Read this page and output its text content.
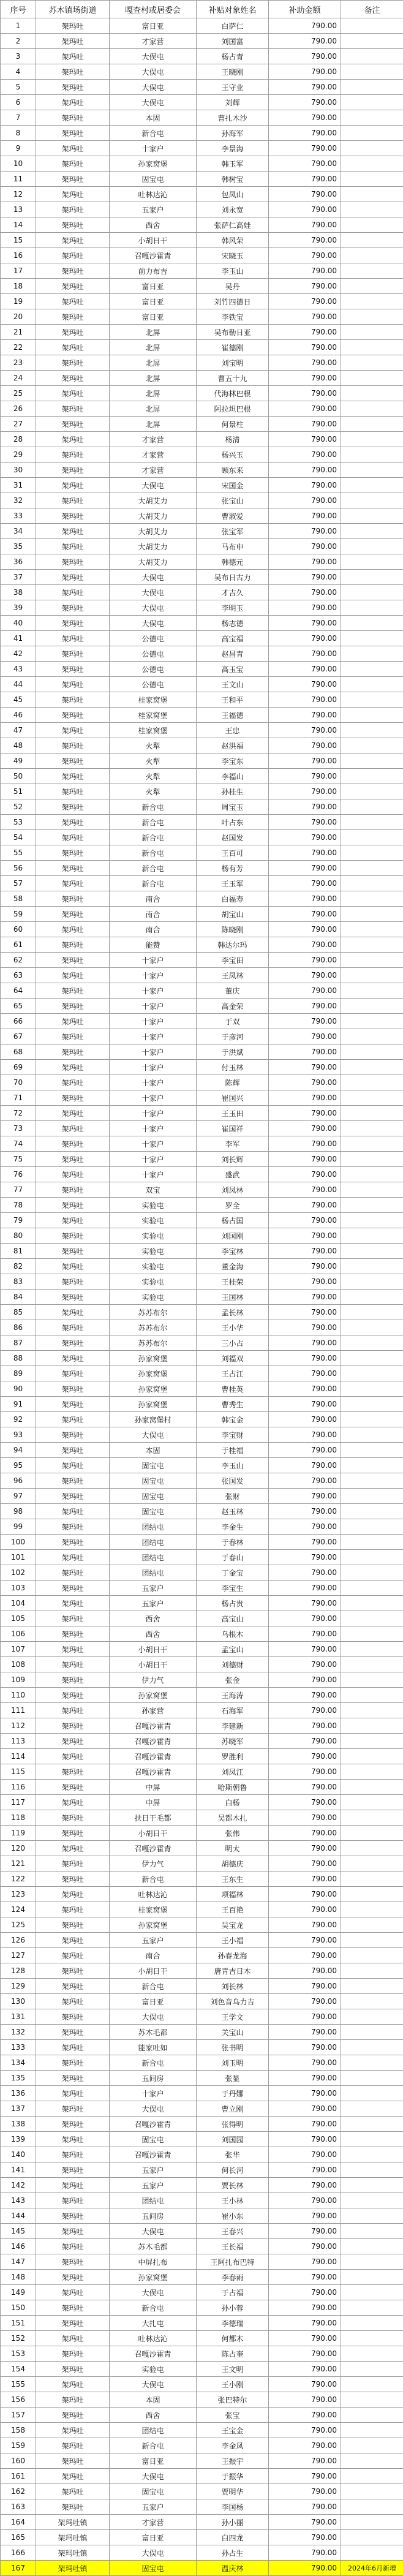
序号	苏木镇场街道	嘎查村或居委会	补贴对象姓名	补助金额	备注
1	架玛吐	富日亚	白萨仁	790.00	
2	架玛吐	才家营	刘国富	790.00	
3	架玛吐	大俣屯	杨占青	790.00	
4	架玛吐	大俣屯	王晓刚	790.00	
5	架玛吐	大俣屯	王守业	790.00	
6	架玛吐	大俣屯	刘辉	790.00	
7	架玛吐	本固	曹扎木沙	790.00	
8	架玛吐	新合屯	孙海军	790.00	
9	架玛吐	十家户	李景海	790.00	
10	架玛吐	孙家窝堡	韩玉军	790.00	
11	架玛吐	固宝屯	韩树宝	790.00	
12	架玛吐	吐林达沁	包凤山	790.00	
13	架玛吐	五家户	刘永宽	790.00	
14	架玛吐	西舍	张萨仁高娃	790.00	
15	架玛吐	小胡日干	韩风荣	790.00	
16	架玛吐	召嘎沙霍青	宋晓玉	790.00	
17	架玛吐	前力布吉	李玉山	790.00	
18	架玛吐	富日亚	吴丹	790.00	
19	架玛吐	富日亚	刘竹四德日	790.00	
20	架玛吐	富日亚	李铁宝	790.00	
21	架玛吐	北屏	吴布勒日亚	790.00	
22	架玛吐	北屏	崔德刚	790.00	
23	架玛吐	北屏	刘宝明	790.00	
24	架玛吐	北屏	曹五十九	790.00	
25	架玛吐	北屏	代海林巴根	790.00	
26	架玛吐	北屏	阿拉坦巴根	790.00	
27	架玛吐	北屏	何景柱	790.00	
28	架玛吐	才家营	杨清	790.00	
29	架玛吐	才家营	杨兴玉	790.00	
30	架玛吐	才家营	顾东来	790.00	
31	架玛吐	大俣屯	宋国金	790.00	
32	架玛吐	大胡艾力	张宝山	790.00	
33	架玛吐	大胡艾力	曹淑爱	790.00	
34	架玛吐	大胡艾力	张宝军	790.00	
35	架玛吐	大胡艾力	马布申	790.00	
36	架玛吐	大胡艾力	韩德元	790.00	
37	架玛吐	大俣屯	吴布日古力	790.00	
38	架玛吐	大俣屯	才吉久	790.00	
39	架玛吐	大俣屯	李明玉	790.00	
40	架玛吐	大俣屯	杨志德	790.00	
41	架玛吐	公德屯	高宝福	790.00	
42	架玛吐	公德屯	赵昌青	790.00	
43	架玛吐	公德屯	高玉宝	790.00	
44	架玛吐	公德屯	王文山	790.00	
45	架玛吐	桂家窝堡	王和平	790.00	
46	架玛吐	桂家窝堡	王福德	790.00	
47	架玛吐	桂家窝堡	王忠	790.00	
48	架玛吐	火犁	赵洪福	790.00	
49	架玛吐	火犁	李宝东	790.00	
50	架玛吐	火犁	李福山	790.00	
51	架玛吐	火犁	孙桂生	790.00	
52	架玛吐	新合屯	周宝玉	790.00	
53	架玛吐	新合屯	叶占东	790.00	
54	架玛吐	新合屯	赵国发	790.00	
55	架玛吐	新合屯	王百可	790.00	
56	架玛吐	新合屯	杨有芳	790.00	
57	架玛吐	新合屯	王玉军	790.00	
58	架玛吐	南合	白福寿	790.00	
59	架玛吐	南合	胡宝山	790.00	
60	架玛吐	南合	陈晓刚	790.00	
61	架玛吐	能赞	韩达尔玛	790.00	
62	架玛吐	十家户	李宝田	790.00	
63	架玛吐	十家户	王凤林	790.00	
64	架玛吐	十家户	董庆	790.00	
65	架玛吐	十家户	高金荣	790.00	
66	架玛吐	十家户	于双	790.00	
67	架玛吐	十家户	于彦河	790.00	
68	架玛吐	十家户	于洪斌	790.00	
69	架玛吐	十家户	付玉林	790.00	
70	架玛吐	十家户	陈辉	790.00	
71	架玛吐	十家户	崔国兴	790.00	
72	架玛吐	十家户	王玉田	790.00	
73	架玛吐	十家户	崔国祥	790.00	
74	架玛吐	十家户	李军	790.00	
75	架玛吐	十家户	刘长辉	790.00	
76	架玛吐	十家户	盛武	790.00	
77	架玛吐	双宝	刘凤林	790.00	
78	架玛吐	实验屯	罗全	790.00	
79	架玛吐	实验屯	杨占国	790.00	
80	架玛吐	实验屯	刘国刚	790.00	
81	架玛吐	实验屯	李宝林	790.00	
82	架玛吐	实验屯	董金海	790.00	
83	架玛吐	实验屯	王桂荣	790.00	
84	架玛吐	实验屯	王国林	790.00	
85	架玛吐	苏苏布尔	孟长林	790.00	
86	架玛吐	苏苏布尔	王小华	790.00	
87	架玛吐	苏苏布尔	三小占	790.00	
88	架玛吐	孙家窝堡	刘福双	790.00	
89	架玛吐	孙家窝堡	王占江	790.00	
90	架玛吐	孙家窝堡	曹桂英	790.00	
91	架玛吐	孙家窝堡	曹秀生	790.00	
92	架玛吐	孙家窝堡村	韩宝金	790.00	
93	架玛吐	大俣屯	李宝财	790.00	
94	架玛吐	本固	于桂福	790.00	
95	架玛吐	固宝屯	李玉山	790.00	
96	架玛吐	固宝屯	张国发	790.00	
97	架玛吐	固宝屯	张财	790.00	
98	架玛吐	固宝屯	赵玉林	790.00	
99	架玛吐	团结屯	李金生	790.00	
100	架玛吐	团结屯	于春林	790.00	
101	架玛吐	团结屯	于春山	790.00	
102	架玛吐	团结屯	丁金宝	790.00	
103	架玛吐	五家户	李宝生	790.00	
104	架玛吐	五家户	杨占贵	790.00	
105	架玛吐	西舍	高宝山	790.00	
106	架玛吐	西舍	乌根木	790.00	
107	架玛吐	小胡日干	孟宝山	790.00	
108	架玛吐	小胡日干	刘德财	790.00	
109	架玛吐	伊力气	张金	790.00	
110	架玛吐	孙家窝堡	王海涛	790.00	
111	架玛吐	孙家营	石海军	790.00	
112	架玛吐	召嘎沙霍青	李建新	790.00	
113	架玛吐	召嘎沙霍青	苏晓军	790.00	
114	架玛吐	召嘎沙霍青	罗胜利	790.00	
115	架玛吐	召嘎沙霍青	刘凤江	790.00	
116	架玛吐	中屏	哈斯朝鲁	790.00	
117	架玛吐	中屏	白杨	790.00	
118	架玛吐	扶日干毛都	吴都木扎	790.00	
119	架玛吐	小胡日干	张伟	790.00	
120	架玛吐	召嘎沙霍青	明太	790.00	
121	架玛吐	伊力气	胡德庆	790.00	
122	架玛吐	新合屯	王东生	790.00	
123	架玛吐	吐林达沁	项福林	790.00	
124	架玛吐	桂家窝堡	王百艳	790.00	
125	架玛吐	孙家窝堡	吴宝龙	790.00	
126	架玛吐	五家户	王小福	790.00	
127	架玛吐	南合	孙春龙海	790.00	
128	架玛吐	小胡日干	唐青吉日木	790.00	
129	架玛吐	新合屯	刘长林	790.00	
130	架玛吐	富日亚	刘色音乌力吉	790.00	
131	架玛吐	大俣屯	王学文	790.00	
132	架玛吐	苏木毛都	关宝山	790.00	
133	架玛吐	能家吐如	张书明	790.00	
134	架玛吐	新合屯	刘玉明	790.00	
135	架玛吐	五间房	张显	790.00	
136	架玛吐	十家户	于丹娜	790.00	
137	架玛吐	大俣屯	曹立刚	790.00	
138	架玛吐	召嘎沙霍青	张得明	790.00	
139	架玛吐	固宝屯	刘国园	790.00	
140	架玛吐	召嘎沙霍青	张华	790.00	
141	架玛吐	五家户	何长河	790.00	
142	架玛吐	五家户	贾长林	790.00	
143	架玛吐	团结屯	王小林	790.00	
144	架玛吐	五间房	崔小东	790.00	
145	架玛吐	大俣屯	王春兴	790.00	
146	架玛吐	苏木毛都	王长福	790.00	
147	架玛吐	中屏扎布	王阿扎布巴特	790.00	
148	架玛吐	孙家窝堡	李春雨	790.00	
149	架玛吐	大俣屯	于占福	790.00	
150	架玛吐	新合屯	孙小蓉	790.00	
151	架玛吐	大扎屯	李德瑞	790.00	
152	架玛吐	吐林达沁	何都木	790.00	
153	架玛吐	召嘎沙霍青	陈占奎	790.00	
154	架玛吐	实验屯	王文明	790.00	
155	架玛吐	大俣屯	王小刚	790.00	
156	架玛吐	本固	张巴特尔	790.00	
157	架玛吐	西舍	张宝	790.00	
158	架玛吐	团结屯	王宝金	790.00	
159	架玛吐	新合屯	李金凤	790.00	
160	架玛吐	富日亚	王振宇	790.00	
161	架玛吐	大俣屯	于振华	790.00	
162	架玛吐	固宝屯	贾明华	790.00	
163	架玛吐	五家户	李国杨	790.00	
164	架玛吐镇	才家营	孙小丽	790.00	
165	架玛吐镇	富日亚	白四龙	790.00	
166	架玛吐镇	大俣屯	孙占生	790.00	
167	架玛吐镇	固宝屯	温庆林	790.00	2024年6月新增
